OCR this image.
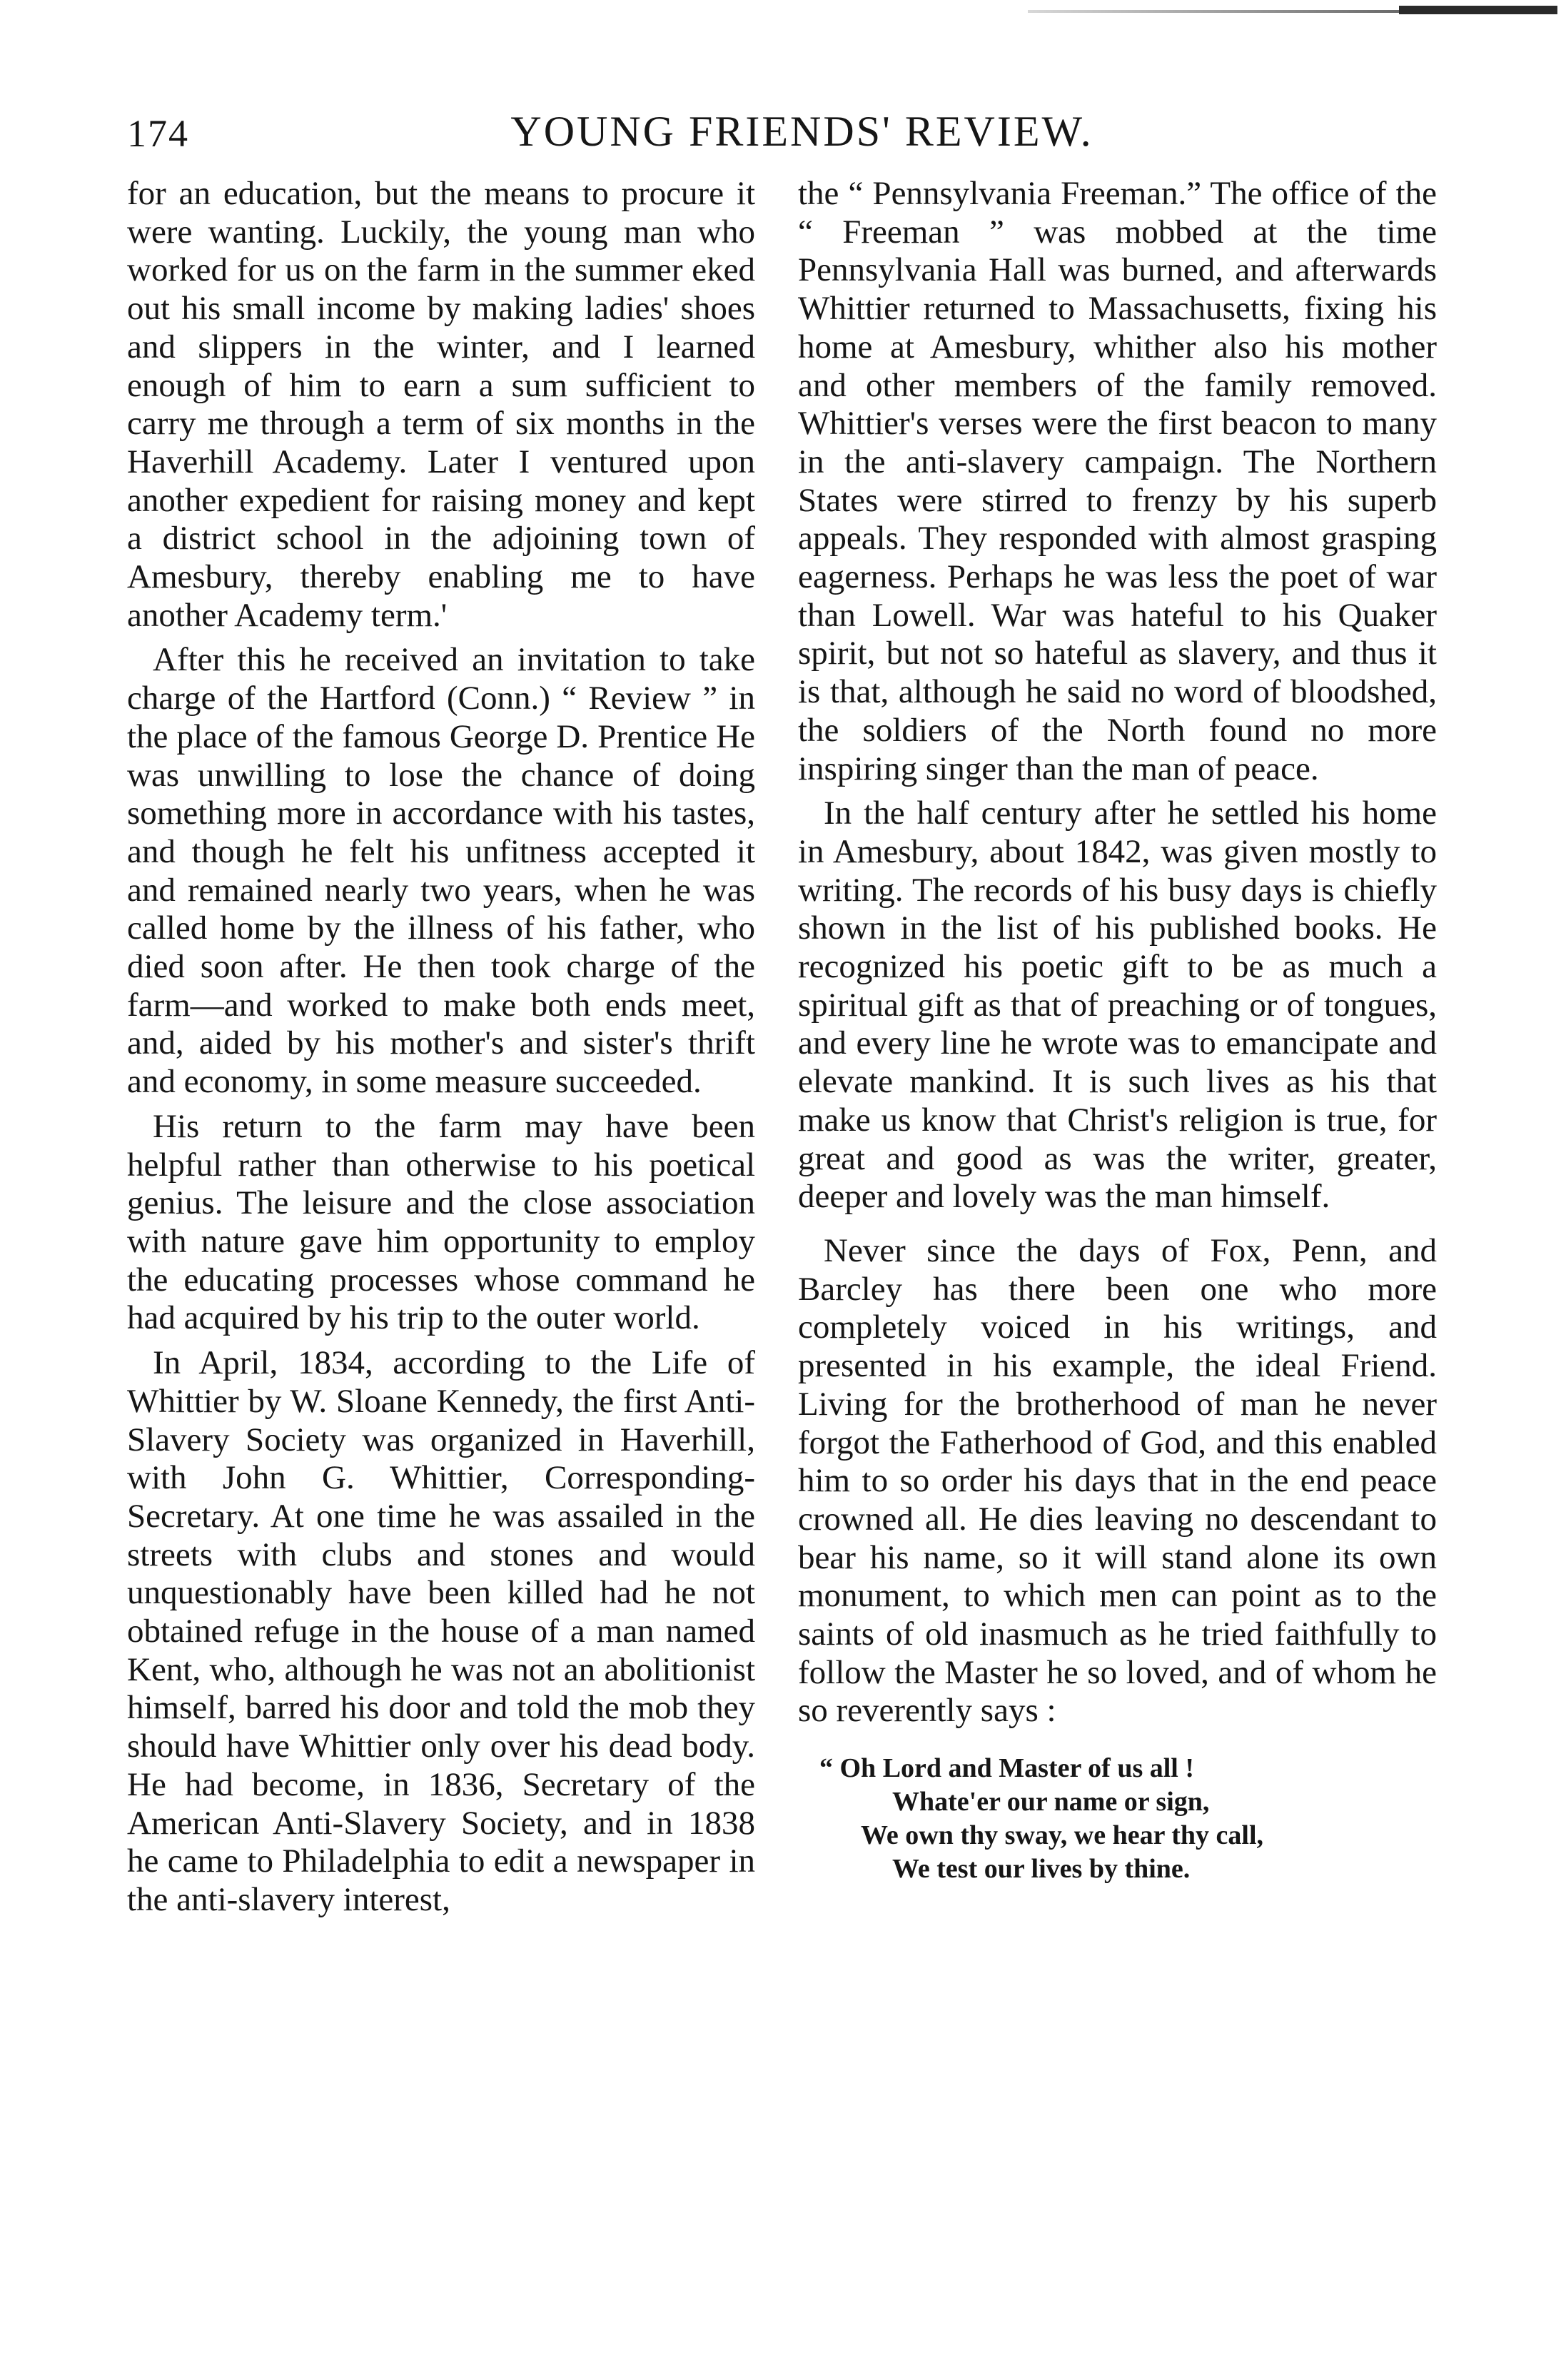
174	YOUNG FRIENDS' REVIEW.

for an education, but the means to procure it were wanting. Luckily, the young man who worked for us on the farm in the summer eked out his small income by making ladies' shoes and slippers in the winter, and I learned enough of him to earn a sum sufficient to carry me through a term of six months in the Haverhill Academy. Later I ventured upon another expedient for raising money and kept a district school in the adjoining town of Amesbury, thereby enabling me to have another Academy term.'

After this he received an invitation to take charge of the Hartford (Conn.) “ Review ” in the place of the famous George D. Prentice He was unwilling to lose the chance of doing something more in accordance with his tastes, and though he felt his unfitness accepted it and remained nearly two years, when he was called home by the illness of his father, who died soon after. He then took charge of the farm—and worked to make both ends meet, and, aided by his mother's and sister's thrift and economy, in some measure succeeded.

His return to the farm may have been helpful rather than otherwise to his poetical genius. The leisure and the close association with nature gave him opportunity to employ the educating processes whose command he had acquired by his trip to the outer world.

In April, 1834, according to the Life of Whittier by W. Sloane Kennedy, the first Anti-Slavery Society was organized in Haverhill, with John G. Whittier, Corresponding-Secretary. At one time he was assailed in the streets with clubs and stones and would unquestionably have been killed had he not obtained refuge in the house of a man named Kent, who, although he was not an abolitionist himself, barred his door and told the mob they should have Whittier only over his dead body. He had become, in 1836, Secretary of the American Anti-Slavery Society, and in 1838 he came to Philadelphia to edit a newspaper in the anti-slavery interest,

the “ Pennsylvania Freeman.” The office of the “ Freeman ” was mobbed at the time Pennsylvania Hall was burned, and afterwards Whittier returned to Massachusetts, fixing his home at Amesbury, whither also his mother and other members of the family removed. Whittier's verses were the first beacon to many in the anti-slavery campaign. The Northern States were stirred to frenzy by his superb appeals. They responded with almost grasping eagerness. Perhaps he was less the poet of war than Lowell. War was hateful to his Quaker spirit, but not so hateful as slavery, and thus it is that, although he said no word of bloodshed, the soldiers of the North found no more inspiring singer than the man of peace.

In the half century after he settled his home in Amesbury, about 1842, was given mostly to writing. The records of his busy days is chiefly shown in the list of his published books. He recognized his poetic gift to be as much a spiritual gift as that of preaching or of tongues, and every line he wrote was to emancipate and elevate mankind. It is such lives as his that make us know that Christ's religion is true, for great and good as was the writer, greater, deeper and lovely was the man himself.

Never since the days of Fox, Penn, and Barcley has there been one who more completely voiced in his writings, and presented in his example, the ideal Friend. Living for the brotherhood of man he never forgot the Fatherhood of God, and this enabled him to so order his days that in the end peace crowned all. He dies leaving no descendant to bear his name, so it will stand alone its own monument, to which men can point as to the saints of old inasmuch as he tried faithfully to follow the Master he so loved, and of whom he so reverently says :

“ Oh Lord and Master of us all !
Whate'er our name or sign,
We own thy sway, we hear thy call,
We test our lives by thine.
